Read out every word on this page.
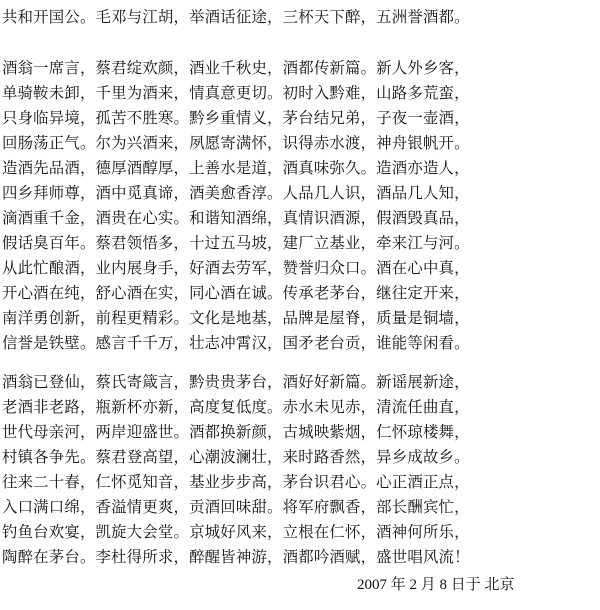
共和开国公。毛邓与江胡，举酒话征途，三杯天下醉，五洲誉酒都。
酒翁一席言，蔡君绽欢颜，酒业千秋史，酒都传新篇。新人外乡客，
单骑鞍未卸，千里为酒来，情真意更切。初时入黔难，山路多荒蛮，
只身临异境，孤苦不胜寒。黔乡重情义，茅台结兄弟，子夜一壶酒，
回肠荡正气。尔为兴酒来，夙愿寄满怀，识得赤水渡，神舟银帆开。
造酒先品酒，德厚酒醇厚，上善水是道，酒真味弥久。造酒亦造人，
四乡拜师尊，酒中觅真谛，酒美愈香淳。人品几人识，酒品几人知，
滴酒重千金，酒贵在心实。和谐知酒绵，真情识酒源，假酒毁真品，
假话臭百年。蔡君领悟多，十过五马坡，建厂立基业，牵来江与河。
从此忙酿酒，业内展身手，好酒去劳军，赞誉归众口。酒在心中真，
开心酒在纯，舒心酒在实，同心酒在诚。传承老茅台，继往定开来，
南洋勇创新，前程更精彩。文化是地基，品牌是屋脊，质量是铜墙，
信誉是铁壁。感言千千万，壮志冲霄汉，国矛老台贡，谁能等闲看。
酒翁已登仙，蔡氏寄箴言，黔贵贵茅台，酒好好新篇。新谣展新途，
老酒非老路，瓶新杯亦新，高度复低度。赤水未见赤，清流任曲直，
世代母亲河，两岸迎盛世。酒都换新颜，古城映紫烟，仁怀琼楼舞，
村镇各争先。蔡君登高望，心潮波澜壮，来时路香然，异乡成故乡。
往来二十春，仁怀觅知音，基业步步高，茅台识君心。心正酒正点，
入口满口绵，香溢情更爽，贡酒回味甜。将军府飘香，部长酬宾忙，
钓鱼台欢宴，凯旋大会堂。京城好风来，立根在仁怀，酒神何所乐，
陶醉在茅台。李杜得所求，醉醒皆神游，酒都吟酒赋，盛世唱风流！
2007 年 2 月 8 日于 北京
